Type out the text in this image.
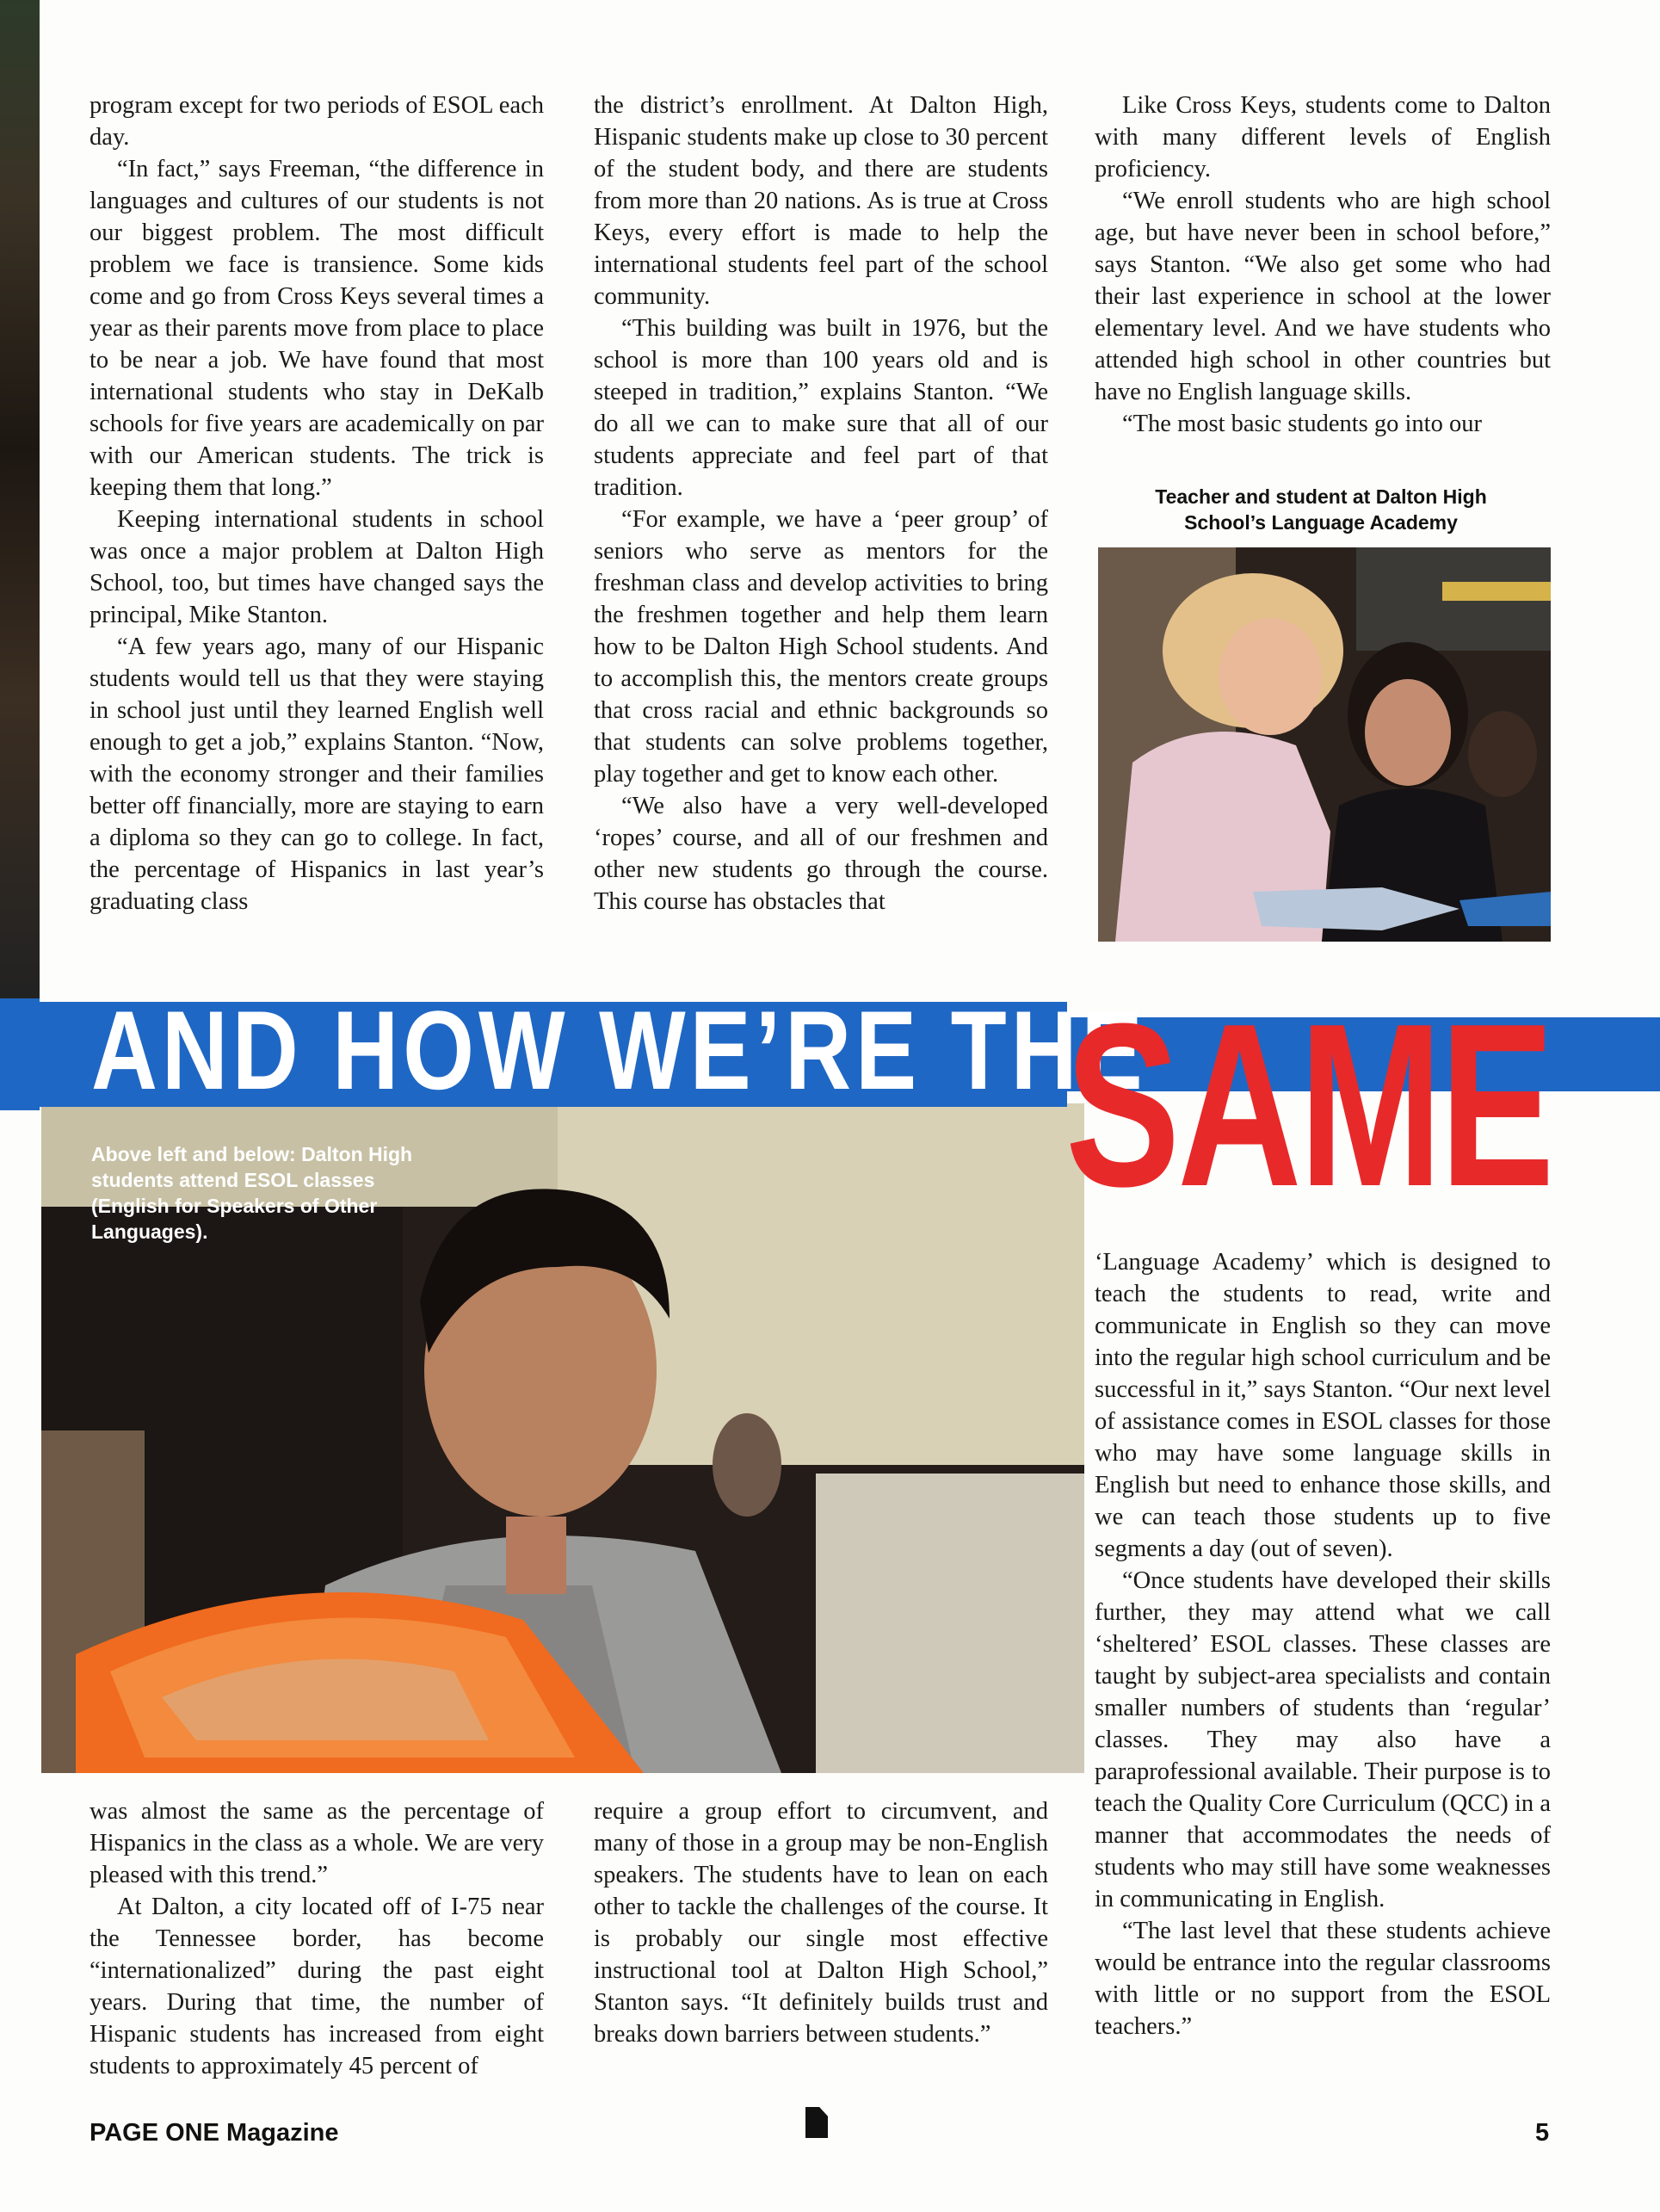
program except for two periods of ESOL each day.

“In fact,” says Freeman, “the difference in languages and cultures of our students is not our biggest problem. The most difficult problem we face is transience. Some kids come and go from Cross Keys several times a year as their parents move from place to place to be near a job. We have found that most international students who stay in DeKalb schools for five years are academically on par with our American students. The trick is keeping them that long.”

Keeping international students in school was once a major problem at Dalton High School, too, but times have changed says the principal, Mike Stanton.

“A few years ago, many of our Hispanic students would tell us that they were staying in school just until they learned English well enough to get a job,” explains Stanton. “Now, with the economy stronger and their families better off financially, more are staying to earn a diploma so they can go to college. In fact, the percentage of Hispanics in last year’s graduating class

the district’s enrollment. At Dalton High, Hispanic students make up close to 30 percent of the student body, and there are students from more than 20 nations. As is true at Cross Keys, every effort is made to help the international students feel part of the school community.

“This building was built in 1976, but the school is more than 100 years old and is steeped in tradition,” explains Stanton. “We do all we can to make sure that all of our students appreciate and feel part of that tradition.

“For example, we have a ‘peer group’ of seniors who serve as mentors for the freshman class and develop activities to bring the freshmen together and help them learn how to be Dalton High School students. And to accomplish this, the mentors create groups that cross racial and ethnic backgrounds so that students can solve problems together, play together and get to know each other.

“We also have a very well-developed ‘ropes’ course, and all of our freshmen and other new students go through the course. This course has obstacles that

Like Cross Keys, students come to Dalton with many different levels of English proficiency.

“We enroll students who are high school age, but have never been in school before,” says Stanton. “We also get some who had their last experience in school at the lower elementary level. And we have students who attended high school in other countries but have no English language skills.

“The most basic students go into our

Teacher and student at Dalton High School’s Language Academy
Above left and below: Dalton High students attend ESOL classes (English for Speakers of Other Languages).
AND HOW WE’RE THE
SAME

‘Language Academy’ which is designed to teach the students to read, write and communicate in English so they can move into the regular high school curriculum and be successful in it,” says Stanton. “Our next level of assistance comes in ESOL classes for those who may have some language skills in English but need to enhance those skills, and we can teach those students up to five segments a day (out of seven).

“Once students have developed their skills further, they may attend what we call ‘sheltered’ ESOL classes. These classes are taught by subject-area specialists and contain smaller numbers of students than ‘regular’ classes. They may also have a paraprofessional available. Their purpose is to teach the Quality Core Curriculum (QCC) in a manner that accommodates the needs of students who may still have some weaknesses in communicating in English.

“The last level that these students achieve would be entrance into the regular classrooms with little or no support from the ESOL teachers.”

was almost the same as the percentage of Hispanics in the class as a whole. We are very pleased with this trend.”

At Dalton, a city located off of I-75 near the Tennessee border, has become “internationalized” during the past eight years. During that time, the number of Hispanic students has increased from eight students to approximately 45 percent of

require a group effort to circumvent, and many of those in a group may be non-English speakers. The students have to lean on each other to tackle the challenges of the course. It is probably our single most effective instructional tool at Dalton High School,” Stanton says. “It definitely builds trust and breaks down barriers between students.”

PAGE ONE Magazine	5
